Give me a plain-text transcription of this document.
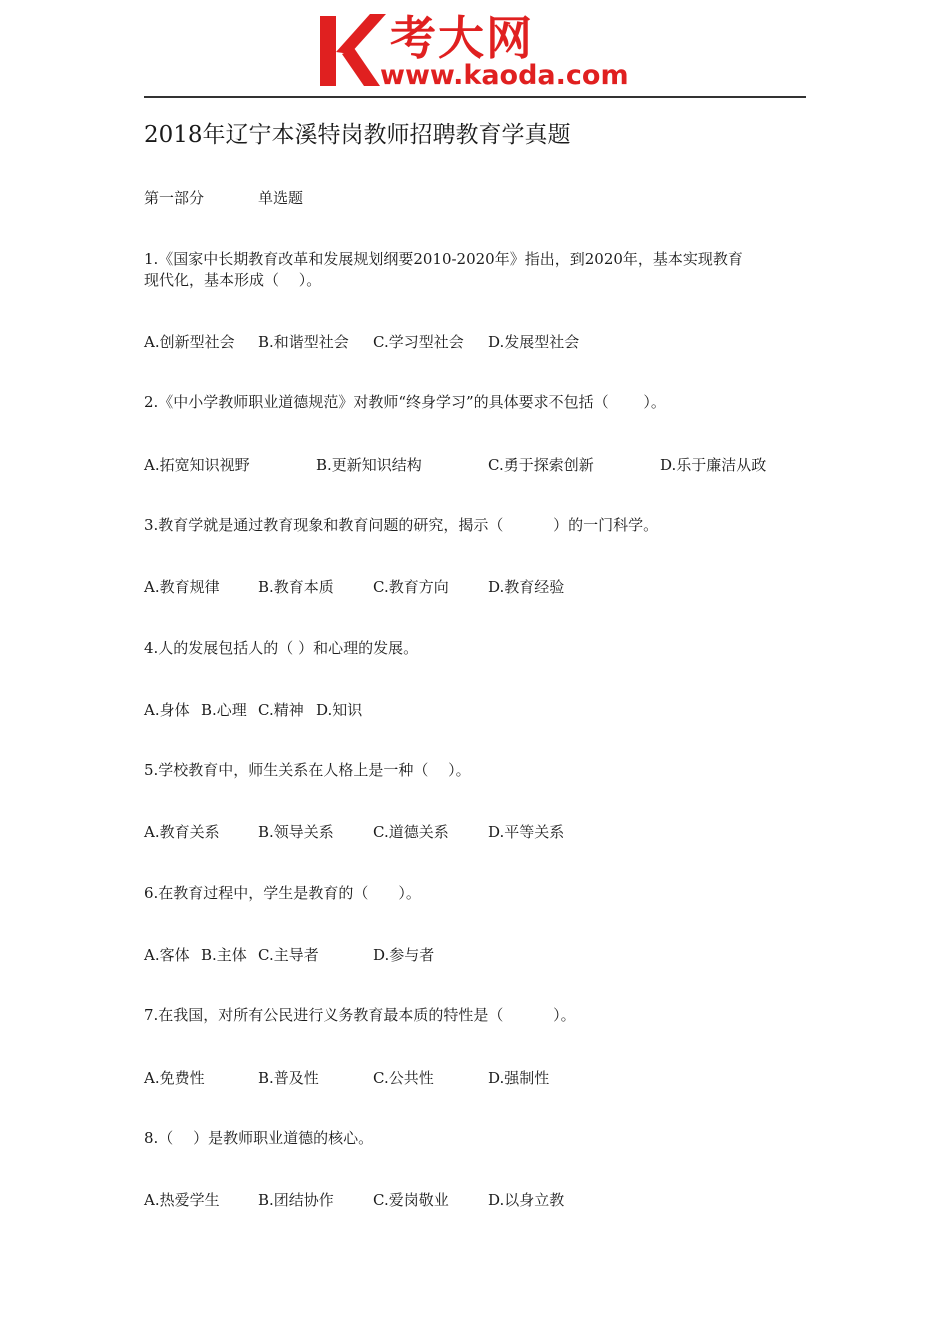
考大网
www.kaoda.com
2018年辽宁本溪特岗教师招聘教育学真题
第一部分	单选题
1.《国家中长期教育改革和发展规划纲要2010-2020年》指出，到2020年，基本实现教育
现代化，基本形成（　 ）。
A.创新型社会 B.和谐型社会 C.学习型社会 D.发展型社会
2.《中小学教师职业道德规范》对教师“终身学习”的具体要求不包括（　　 ）。
A.拓宽知识视野	B.更新知识结构	C.勇于探索创新	D.乐于廉洁从政
3.教育学就是通过教育现象和教育问题的研究，揭示（　　　 ）的一门科学。
A.教育规律	B.教育本质	C.教育方向	D.教育经验
4.人的发展包括人的（ ）和心理的发展。
A.身体 B.心理 C.精神 D.知识
5.学校教育中，师生关系在人格上是一种（　 ）。
A.教育关系	B.领导关系	C.道德关系	D.平等关系
6.在教育过程中，学生是教育的（　　）。
A.客体 B.主体 C.主导者	D.参与者
7.在我国，对所有公民进行义务教育最本质的特性是（　　　 ）。
A.免费性	B.普及性	C.公共性	D.强制性
8.（　 ）是教师职业道德的核心。
A.热爱学生	B.团结协作	C.爱岗敬业	D.以身立教
